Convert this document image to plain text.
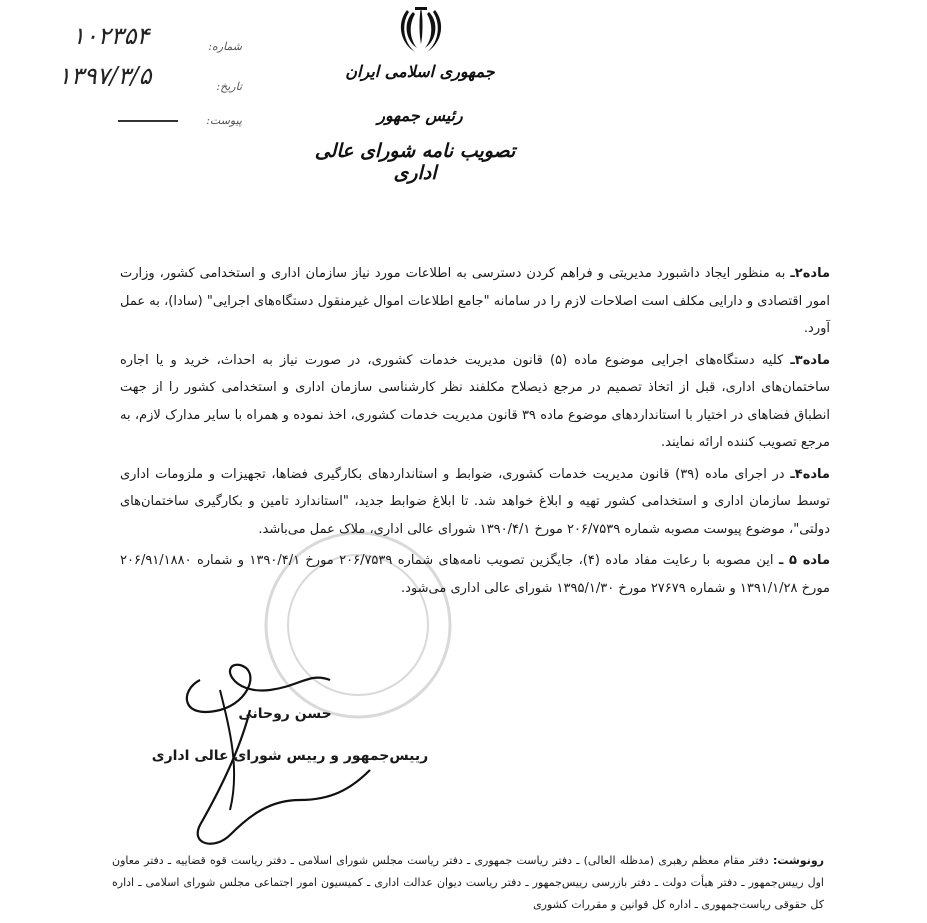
جمهوری اسلامی ایران
رئیس جمهور
تصویب نامه شورای عالی اداری
شماره:
۱۰۲۳۵۴
تاریخ:
۱۳۹۷/۳/۵
پیوست:

ماده۲ـ به منظور ایجاد داشبورد مدیریتی و فراهم کردن دسترسی به اطلاعات مورد نیاز سازمان اداری و استخدامی کشور، وزارت امور اقتصادی و دارایی مکلف است اصلاحات لازم را در سامانه "جامع اطلاعات اموال غیرمنقول دستگاه‌های اجرایی" (سادا)، به عمل آورد.

ماده۳ـ کلیه دستگاه‌های اجرایی موضوع ماده (۵) قانون مدیریت خدمات کشوری، در صورت نیاز به احداث، خرید و یا اجاره ساختمان‌های اداری، قبل از اتخاذ تصمیم در مرجع ذیصلاح مکلفند نظر کارشناسی سازمان اداری و استخدامی کشور را از جهت انطباق فضاهای در اختیار با استانداردهای موضوع ماده ۳۹ قانون مدیریت خدمات کشوری، اخذ نموده و همراه با سایر مدارک لازم، به مرجع تصویب کننده ارائه نمایند.

ماده۴ـ در اجرای ماده (۳۹) قانون مدیریت خدمات کشوری، ضوابط و استانداردهای بکارگیری فضاها، تجهیزات و ملزومات اداری توسط سازمان اداری و استخدامی کشور تهیه و ابلاغ خواهد شد. تا ابلاغ ضوابط جدید، "استاندارد تامین و بکارگیری ساختمان‌های دولتی"، موضوع پیوست مصوبه شماره ۲۰۶/۷۵۳۹ مورخ ۱۳۹۰/۴/۱ شورای عالی اداری، ملاک عمل می‌باشد.

ماده ۵ ـ این مصوبه با رعایت مفاد ماده (۴)، جایگزین تصویب نامه‌های شماره ۲۰۶/۷۵۳۹ مورخ ۱۳۹۰/۴/۱ و شماره ۲۰۶/۹۱/۱۸۸۰ مورخ ۱۳۹۱/۱/۲۸ و شماره ۲۷۶۷۹ مورخ ۱۳۹۵/۱/۳۰ شورای عالی اداری می‌شود.

حسن روحانی
رییس‌جمهور و رییس شورای عالی اداری
رونوشت: دفتر مقام معظم رهبری (مدظله العالی) ـ دفتر ریاست جمهوری ـ دفتر ریاست مجلس شورای اسلامی ـ دفتر ریاست قوه قضاییه ـ دفتر معاون اول رییس‌جمهور ـ دفتر هیأت دولت ـ دفتر بازرسی رییس‌جمهور ـ دفتر ریاست دیوان عدالت اداری ـ کمیسیون امور اجتماعی مجلس شورای اسلامی ـ اداره کل حقوقی ریاست‌جمهوری ـ اداره کل قوانین و مقررات کشوری
